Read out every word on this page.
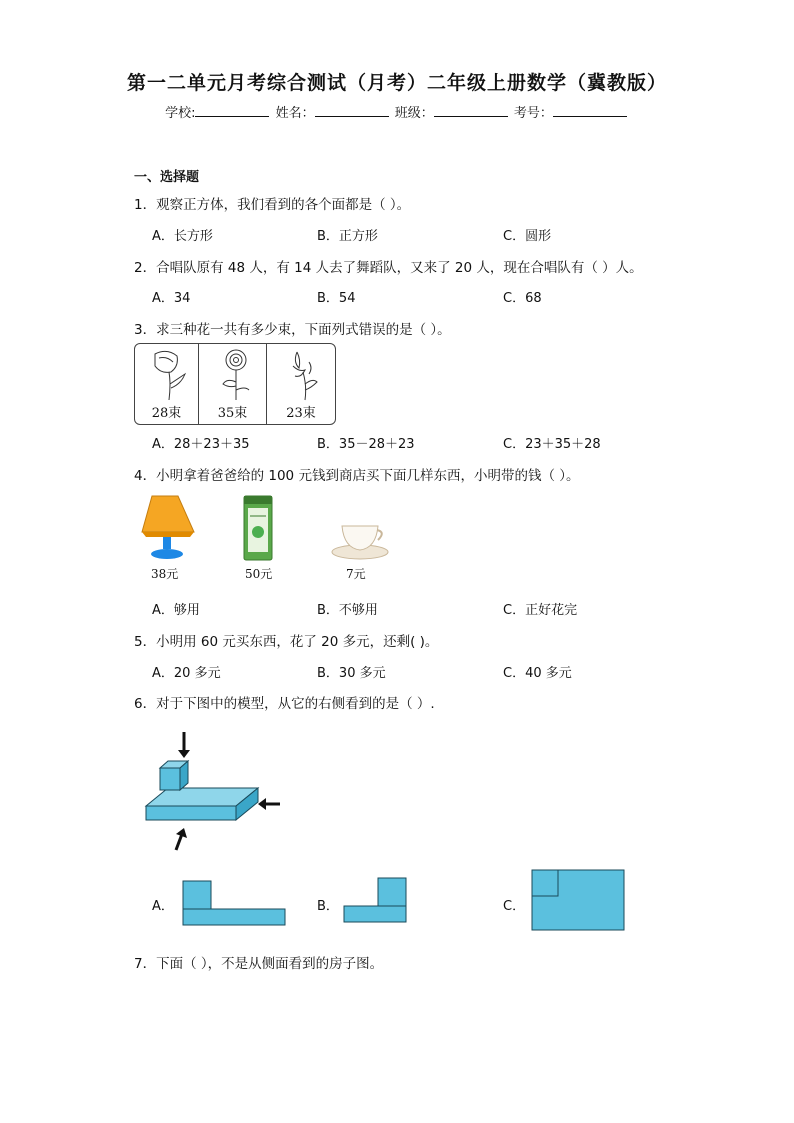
第一二单元月考综合测试（月考）二年级上册数学（冀教版）
学校:	姓名：	班级：	考号：
一、选择题
1．观察正方体，我们看到的各个面都是（ ）。
A．长方形	B．正方形	C．圆形
2．合唱队原有 48 人，有 14 人去了舞蹈队，又来了 20 人，现在合唱队有（ ）人。
A．34	B．54	C．68
3．求三种花一共有多少束，下面列式错误的是（ ）。
28束	35束	23束
A．28＋23＋35	B．35－28＋23	C．23＋35＋28
4．小明拿着爸爸给的 100 元钱到商店买下面几样东西，小明带的钱（ ）。
38元	50元	7元
A．够用	B．不够用	C．正好花完
5．小明用 60 元买东西，花了 20 多元，还剩( )。
A．20 多元	B．30 多元	C．40 多元
6．对于下图中的模型，从它的右侧看到的是（ ）.
A．	B．	C．
7．下面（ ），不是从侧面看到的房子图。
